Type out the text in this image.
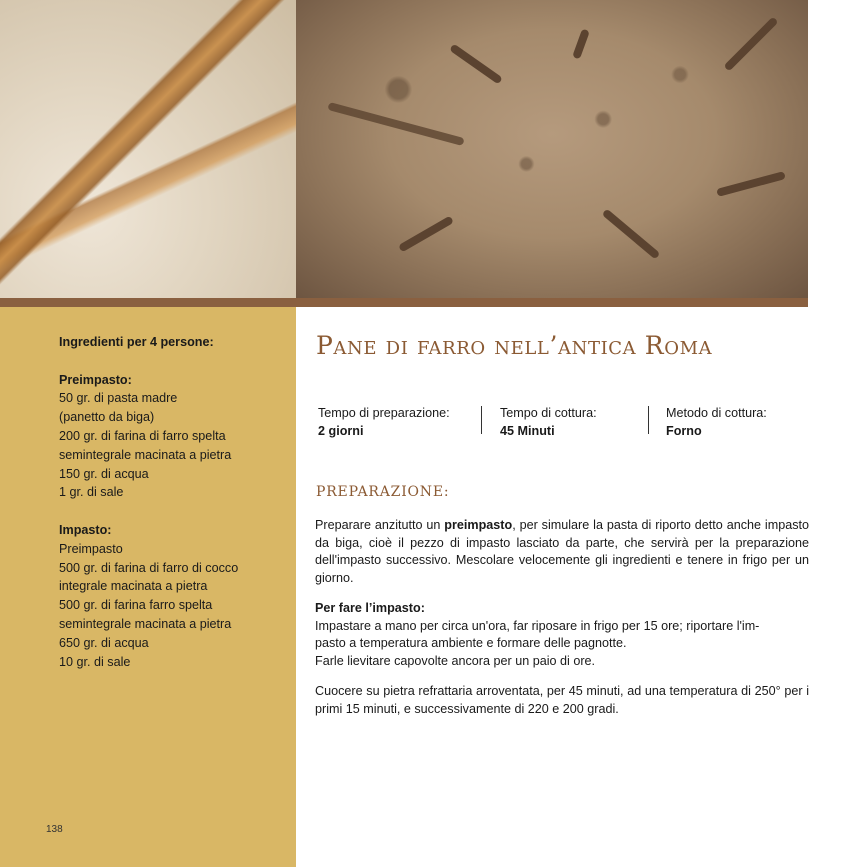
Ingredienti per 4 persone:
Preimpasto:
50 gr. di pasta madre
(panetto da biga)
200 gr. di farina di farro spelta
semintegrale macinata a pietra
150 gr. di acqua
1 gr. di sale
Impasto:
Preimpasto
500 gr. di farina di farro di cocco
integrale macinata a pietra
500 gr. di farina farro spelta
semintegrale macinata a pietra
650 gr. di acqua
10 gr. di sale
138
Pane di farro nell’antica Roma
Tempo di preparazione:
2 giorni
Tempo di cottura:
45 Minuti
Metodo di cottura:
Forno
PREPARAZIONE:
Preparare anzitutto un preimpasto, per simulare la pasta di riporto detto anche impasto da biga, cioè il pezzo di impasto lasciato da parte, che servirà per la preparazione dell'impasto successivo. Mescolare velocemente gli ingredienti e tenere in frigo per un giorno.
Per fare l’impasto:
Impastare a mano per circa un'ora, far riposare in frigo per 15 ore; riportare l'im-
pasto a temperatura ambiente e formare delle pagnotte.
Farle lievitare capovolte ancora per un paio di ore.
Cuocere su pietra refrattaria arroventata, per 45 minuti, ad una temperatura di 250° per i primi 15 minuti, e successivamente di 220 e 200 gradi.
